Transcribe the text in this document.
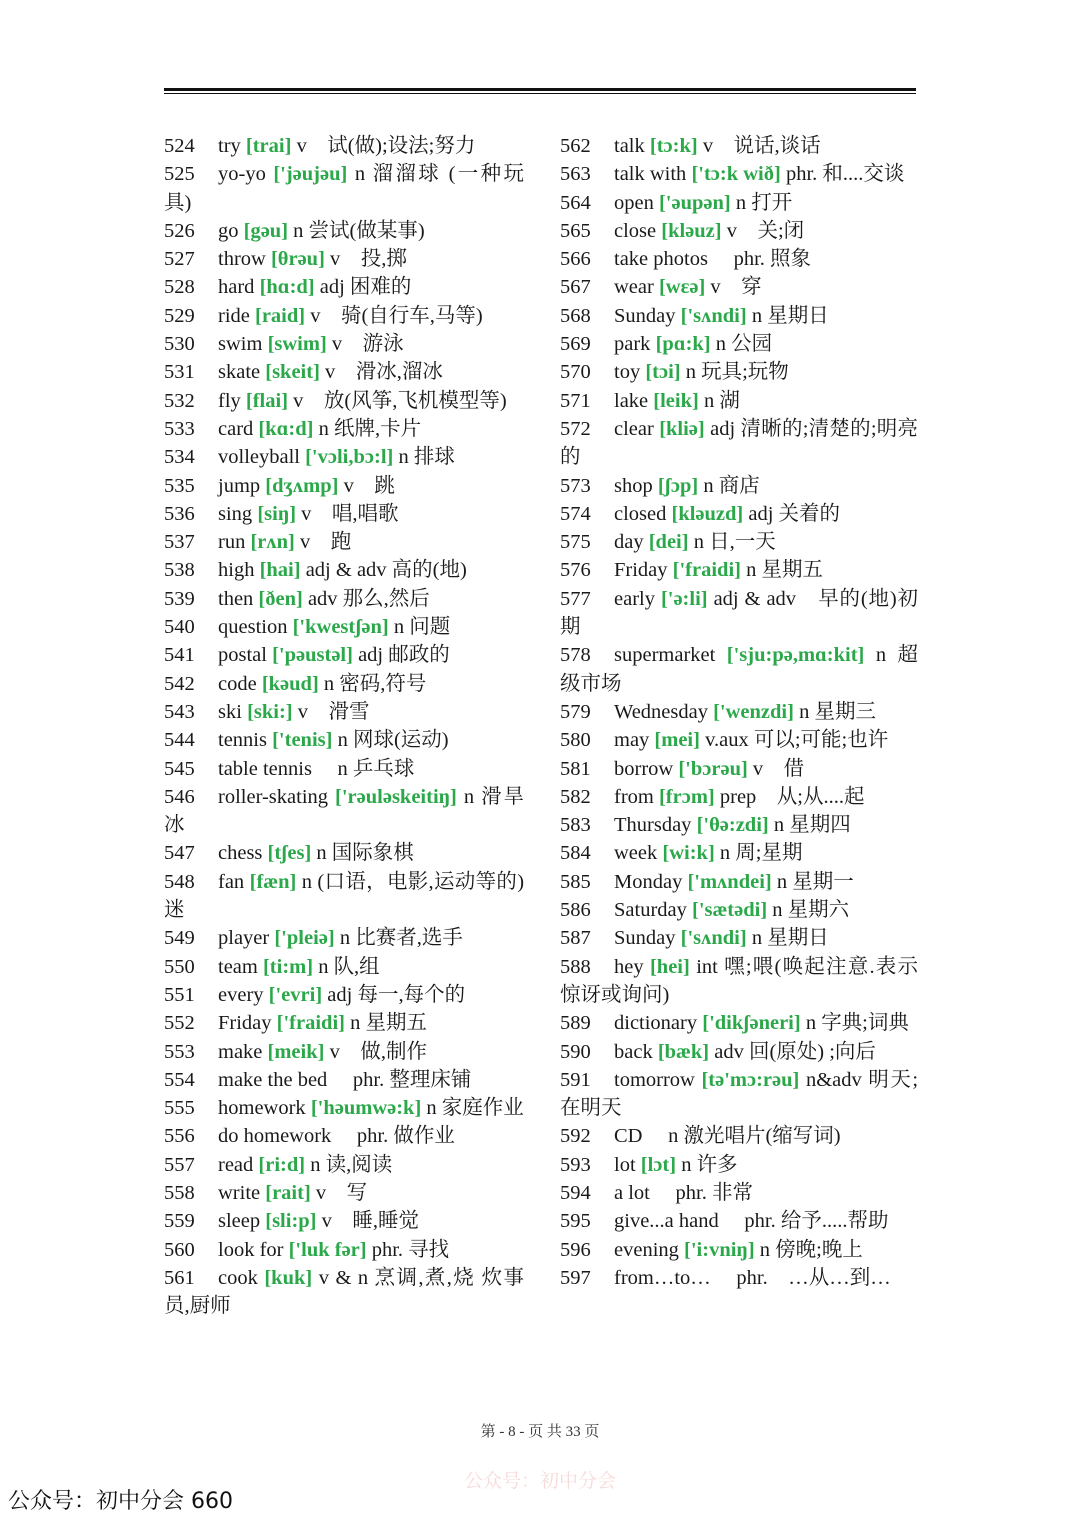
524 try [trai] v　试(做);设法;努力
525 yo-yo ['jəujəu] n 溜溜球 (一种玩具)
526 go [gəu] n 尝试(做某事)
527 throw [θrəu] v　投,掷
528 hard [hɑ:d] adj 困难的
529 ride [raid] v　骑(自行车,马等)
530 swim [swim] v　游泳
531 skate [skeit] v　滑冰,溜冰
532 fly [flai] v　放(风筝,飞机模型等)
533 card [kɑ:d] n 纸牌,卡片
534 volleyball ['vɔli,bɔ:l] n 排球
535 jump [dʒʌmp] v　跳
536 sing [siŋ] v　唱,唱歌
537 run [rʌn] v　跑
538 high [hai] adj & adv 高的(地)
539 then [ðen] adv 那么,然后
540 question ['kwestʃən] n 问题
541 postal ['pəustəl] adj 邮政的
542 code [kəud] n 密码,符号
543 ski [ski:] v　滑雪
544 tennis ['tenis] n 网球(运动)
545 table tennis 　n 乒乓球
546 roller-skating ['rəuləskeitiŋ] n 滑旱冰
547 chess [tʃes] n 国际象棋
548 fan [fæn] n (口语，电影,运动等的)迷
549 player ['pleiə] n 比赛者,选手
550 team [ti:m] n 队,组
551 every ['evri] adj 每一,每个的
552 Friday ['fraidi] n 星期五
553 make [meik] v　做,制作
554 make the bed 　phr. 整理床铺
555 homework ['həumwə:k] n 家庭作业
556 do homework 　phr. 做作业
557 read [ri:d] n 读,阅读
558 write [rait] v　写
559 sleep [sli:p] v　睡,睡觉
560 look for ['luk fər] phr. 寻找
561 cook [kuk] v & n 烹调,煮,烧 炊事员,厨师
562 talk [tɔ:k] v　说话,谈话
563 talk with ['tɔ:k wið] phr. 和....交谈
564 open ['əupən] n 打开
565 close [kləuz] v　关;闭
566 take photos 　phr. 照象
567 wear [wεə] v　穿
568 Sunday ['sʌndi] n 星期日
569 park [pɑ:k] n 公园
570 toy [tɔi] n 玩具;玩物
571 lake [leik] n 湖
572 clear [kliə] adj 清晰的;清楚的;明亮的
573 shop [ʃɔp] n 商店
574 closed [kləuzd] adj 关着的
575 day [dei] n 日,一天
576 Friday ['fraidi] n 星期五
577 early ['ə:li] adj & adv　早的(地)初期
578 supermarket ['sju:pə,mɑ:kit] n 超级市场
579 Wednesday ['wenzdi] n 星期三
580 may [mei] v.aux 可以;可能;也许
581 borrow ['bɔrəu] v　借
582 from [frɔm] prep　从;从....起
583 Thursday ['θə:zdi] n 星期四
584 week [wi:k] n 周;星期
585 Monday ['mʌndei] n 星期一
586 Saturday ['sætədi] n 星期六
587 Sunday ['sʌndi] n 星期日
588 hey [hei] int 嘿;喂(唤起注意.表示惊讶或询问)
589 dictionary ['dikʃəneri] n 字典;词典
590 back [bæk] adv 回(原处) ;向后
591 tomorrow [tə'mɔ:rəu] n&adv 明天;在明天
592 CD 　n 激光唱片(缩写词)
593 lot [lɔt] n 许多
594 a lot 　phr. 非常
595 give...a hand 　phr. 给予.....帮助
596 evening ['i:vniŋ] n 傍晚;晚上
597 from…to… 　phr.　…从…到…
第 - 8 - 页 共 33 页
公众号：初中分会
公众号：初中分会 660
